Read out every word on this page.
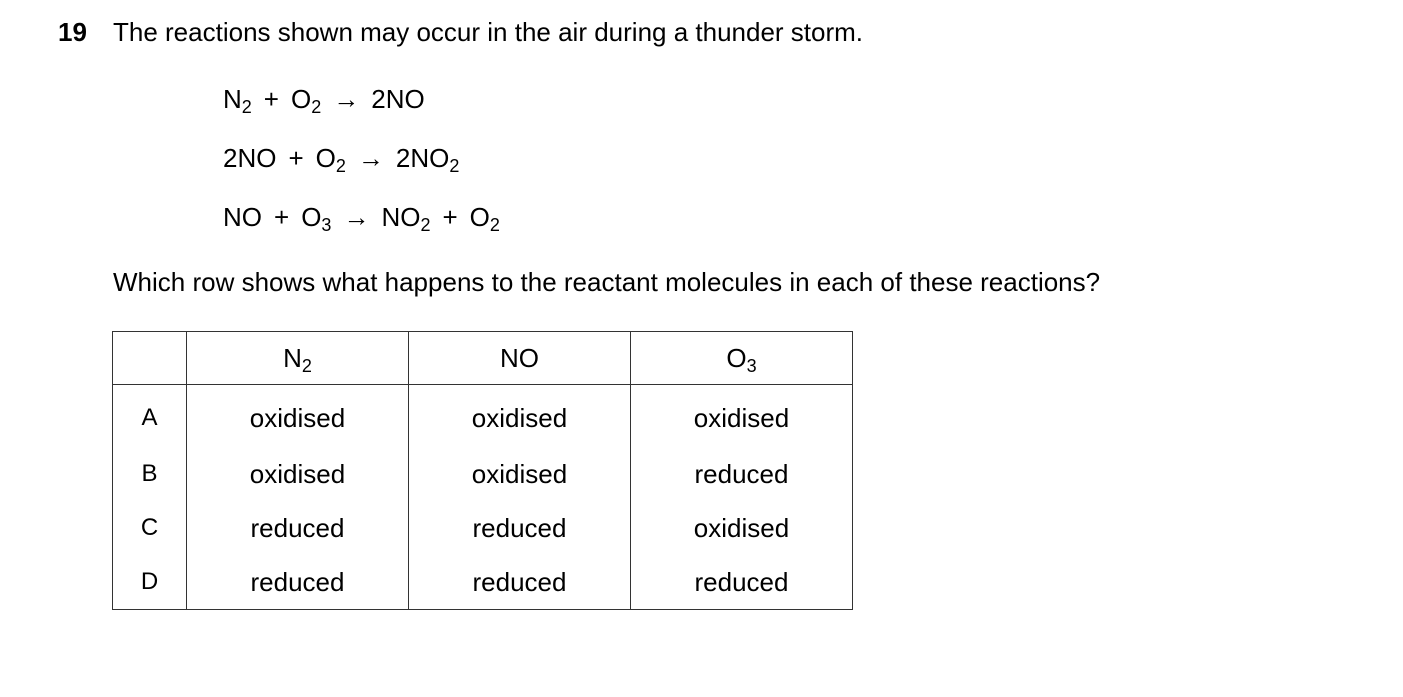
19 The reactions shown may occur in the air during a thunder storm.
$N_2 + O_2 \to 2NO$
$2NO + O_2 \to 2NO_2$
NO + $O_3 \to NO_2 + O_2$
Which row shows what happens to the reactant molecules in each of these reactions?
	$N_2$	NO	$O_3$
A	oxidised	oxidised	oxidised
B	oxidised	oxidised	reduced
C	reduced	reduced	oxidised
D	reduced	reduced	reduced
